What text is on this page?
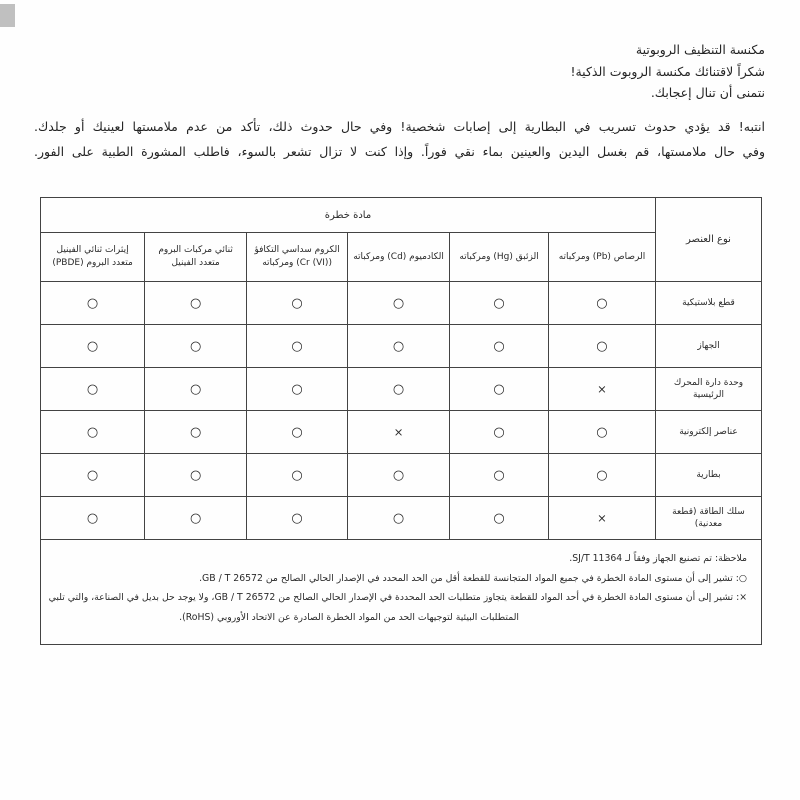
مكنسة التنظيف الروبوتية
شكراً لاقتنائك مكنسة الروبوت الذكية!
نتمنى أن تنال إعجابك.
انتبه! قد يؤدي حدوث تسريب في البطارية إلى إصابات شخصية! وفي حال حدوث ذلك، تأكد من عدم ملامستها لعينيك أو جلدك.
وفي حال ملامستها، قم بغسل اليدين والعينين بماء نقي فوراً. وإذا كنت لا تزال تشعر بالسوء، فاطلب المشورة الطبية على الفور.
نوع العنصر	مادة خطرة					
	الرصاص (Pb) ومركباته	الزئبق (Hg) ومركباته	الكادميوم (Cd) ومركباته	الكروم سداسي التكافؤ (Cr (VI)) ومركباته	ثنائي مركبات البروم متعدد الفينيل	إيثرات ثنائي الفينيل متعدد البروم (PBDE)
قطع بلاستيكية	○	○	○	○	○	○
الجهاز	○	○	○	○	○	○
وحدة دارة المحرك الرئيسية	×	○	○	○	○	○
عناصر إلكترونية	○	○	×	○	○	○
بطارية	○	○	○	○	○	○
سلك الطاقة (قطعة معدنية)	×	○	○	○	○	○

ملاحظة: تم تصنيع الجهاز وفقاً لـ SJ/T 11364.
○: تشير إلى أن مستوى المادة الخطرة في جميع المواد المتجانسة للقطعة أقل من الحد المحدد في الإصدار الحالي الصالح من GB / T 26572.
×: تشير إلى أن مستوى المادة الخطرة في أحد المواد للقطعة يتجاوز متطلبات الحد المحددة في الإصدار الحالي الصالح من GB / T 26572، ولا يوجد حل بديل في الصناعة، والتي تلبي
المتطلبات البيئية لتوجيهات الحد من المواد الخطرة الصادرة عن الاتحاد الأوروبي (RoHS).						
